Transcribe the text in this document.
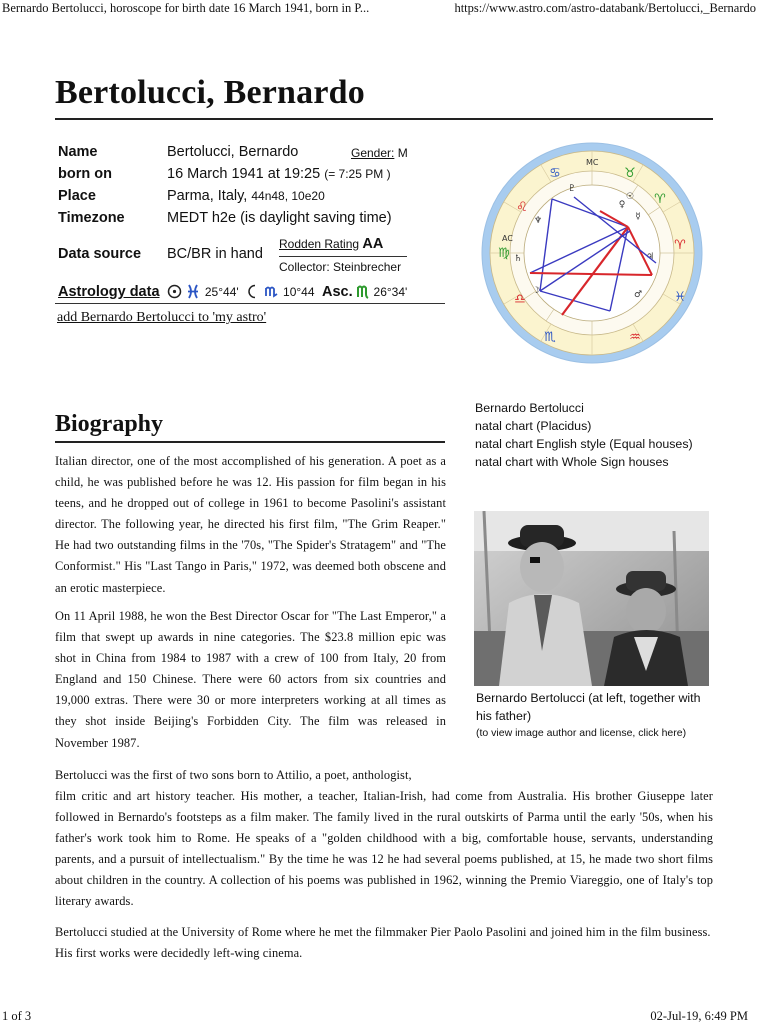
Bernardo Bertolucci, horoscope for birth date 16 March 1941, born in P...	https://www.astro.com/astro-databank/Bertolucci,_Bernardo
1 of 3	02-Jul-19, 6:49 PM
Bertolucci, Bernardo
Name	Bertolucci, Bernardo	Gender: M
born on	16 March 1941 at 19:25 (= 7:25 PM )
Place	Parma, Italy, 44n48, 10e20
Timezone	MEDT h2e (is daylight saving time)
Data source BC/BR in hand
Rodden Rating AA
Collector: Steinbrecher
Astrology data	25°44'	10°44 Asc. 26°34'
add Bernardo Bertolucci to 'my astro'
♋	♉
♌
♈
♍
♈
♓
♎
♏	♒
MC
AC
☉
♀
☿
♄
♆
☽	♂
♃
♇
Bernardo Bertolucci
natal chart (Placidus)
natal chart English style (Equal houses)
natal chart with Whole Sign houses
Biography

Italian director, one of the most accomplished of his generation. A poet as a child, he was published before he was 12. His passion for film began in his teens, and he dropped out of college in 1961 to become Pasolini's assistant director. The following year, he directed his first film, "The Grim Reaper." He had two outstanding films in the '70s, "The Spider's Stratagem" and "The Conformist." His "Last Tango in Paris," 1972, was deemed both obscene and an erotic masterpiece.

On 11 April 1988, he won the Best Director Oscar for "The Last Emperor," a film that swept up awards in nine categories. The $23.8 million epic was shot in China from 1984 to 1987 with a crew of 100 from Italy, 20 from England and 150 Chinese. There were 60 actors from six countries and 19,000 extras. There were 30 or more interpreters working at all times as they shot inside Beijing's Forbidden City. The film was released in November 1987.

Bertolucci was the first of two sons born to Attilio, a poet, anthologist,

film critic and art history teacher. His mother, a teacher, Italian-Irish, had come from Australia. His brother Giuseppe later followed in Bernardo's footsteps as a film maker. The family lived in the rural outskirts of Parma until the early '50s, when his father's work took him to Rome. He speaks of a "golden childhood with a big, comfortable house, servants, understanding parents, and a pursuit of intellectualism." By the time he was 12 he had several poems published, at 15, he made two short films about children in the country. A collection of his poems was published in 1962, winning the Premio Viareggio, one of Italy's top literary awards.

Bertolucci studied at the University of Rome where he met the filmmaker Pier Paolo Pasolini and joined him in the film business. His first works were decidedly left-wing cinema.

Bernardo Bertolucci (at left, together with his father)
(to view image author and license, click here)
